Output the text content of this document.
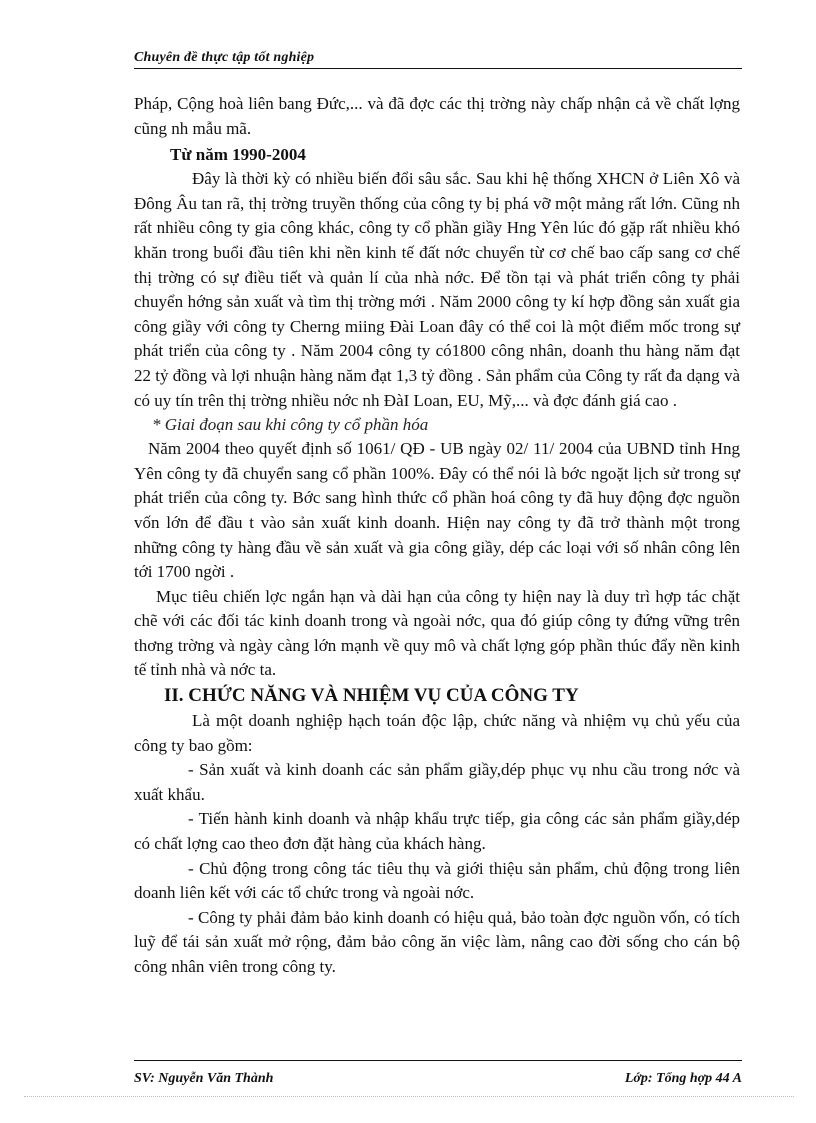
Chuyên đề thực tập tốt nghiệp

Pháp, Cộng hoà liên bang Đức,... và đã đợc các thị trờng này chấp nhận cả về chất lợng cũng nh mẫu mã.

Từ năm 1990-2004

Đây là thời kỳ có nhiều biến đổi sâu sắc. Sau khi hệ thống XHCN ở Liên Xô và Đông Âu tan rã, thị trờng truyền thống của công ty bị phá vỡ một mảng rất lớn. Cũng nh rất nhiều công ty gia công khác, công ty cổ phần giầy Hng Yên lúc đó gặp rất nhiều khó khăn trong buổi đầu tiên khi nền kinh tế đất nớc chuyển từ cơ chế bao cấp sang cơ chế thị trờng có sự điều tiết và quản lí của nhà nớc. Để tồn tại và phát triển công ty phải chuyển hớng sản xuất và tìm thị trờng mới . Năm 2000 công ty kí hợp đồng sản xuất gia công giầy với công ty Cherng miing Đài Loan đây có thể coi là một điểm mốc trong sự phát triển của công ty . Năm 2004 công ty có1800 công nhân, doanh thu hàng năm đạt 22 tỷ đồng và lợi nhuận hàng năm đạt 1,3 tỷ đồng . Sản phẩm của Công ty rất đa dạng và có uy tín trên thị trờng nhiều nớc nh ĐàI Loan, EU, Mỹ,... và đợc đánh giá cao .

* Giai đoạn sau khi công ty cổ phần hóa

Năm 2004 theo quyết định số 1061/ QĐ - UB ngày 02/ 11/ 2004 của UBND tỉnh Hng Yên công ty đã chuyển sang cổ phần 100%. Đây có thể nói là bớc ngoặt lịch sử trong sự phát triển của công ty. Bớc sang hình thức cổ phần hoá công ty đã huy động đợc nguồn vốn lớn để đầu t vào sản xuất kinh doanh. Hiện nay công ty đã trở thành một trong những công ty hàng đầu về sản xuất và gia công giầy, dép các loại với số nhân công lên tới 1700 ngời .

Mục tiêu chiến lợc ngắn hạn và dài hạn của công ty hiện nay là duy trì hợp tác chặt chẽ với các đối tác kinh doanh trong và ngoài nớc, qua đó giúp công ty đứng vững trên thơng trờng và ngày càng lớn mạnh về quy mô và chất lợng góp phần thúc đẩy nền kinh tế tỉnh nhà và nớc ta.

II. CHỨC NĂNG VÀ NHIỆM VỤ CỦA CÔNG TY

Là một doanh nghiệp hạch toán độc lập, chức năng và nhiệm vụ chủ yếu của công ty bao gồm:

- Sản xuất và kinh doanh các sản phẩm giầy,dép phục vụ nhu cầu trong nớc và xuất khẩu.

- Tiến hành kinh doanh và nhập khẩu trực tiếp, gia công các sản phẩm giầy,dép có chất lợng cao theo đơn đặt hàng của khách hàng.

- Chủ động trong công tác tiêu thụ và giới thiệu sản phẩm, chủ động trong liên doanh liên kết với các tổ chức trong và ngoài nớc.

- Công ty phải đảm bảo kinh doanh có hiệu quả, bảo toàn đợc nguồn vốn, có tích luỹ để tái sản xuất mở rộng, đảm bảo công ăn việc làm, nâng cao đời sống cho cán bộ công nhân viên trong công ty.

SV: Nguyễn Văn Thành	Lớp: Tổng hợp 44 A
